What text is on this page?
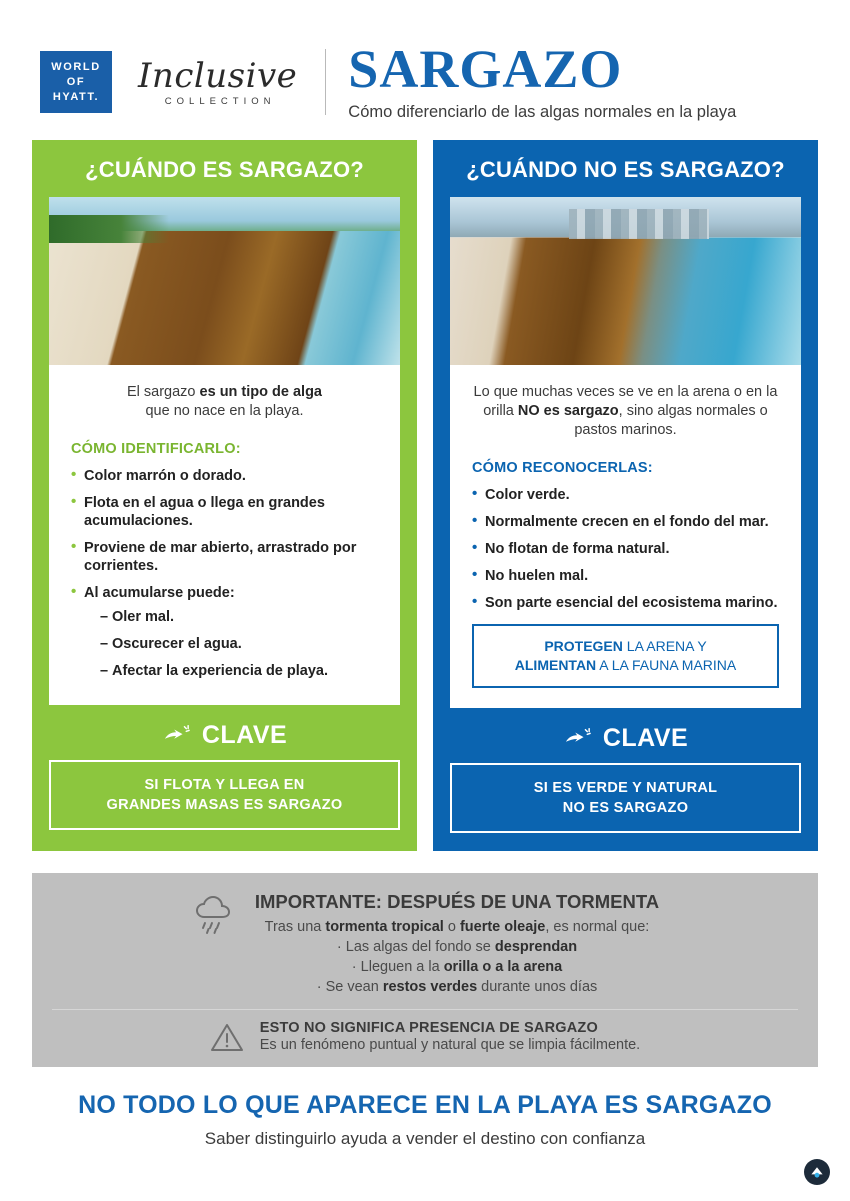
WORLD
OF
HYATT.
Inclusive
COLLECTION
SARGAZO
Cómo diferenciarlo de las algas normales en la playa
¿CUÁNDO ES SARGAZO?
El sargazo es un tipo de alga
que no nace en la playa.
CÓMO IDENTIFICARLO:
• Color marrón o dorado.
• Flota en el agua o llega en grandes acumulaciones.
• Proviene de mar abierto, arrastrado por corrientes.
• Al acumularse puede:
– Oler mal.
– Oscurecer el agua.
– Afectar la experiencia de playa.
CLAVE
SI FLOTA Y LLEGA EN
GRANDES MASAS ES SARGAZO
¿CUÁNDO NO ES SARGAZO?
Lo que muchas veces se ve en la arena o en la orilla NO es sargazo, sino algas normales o pastos marinos.
CÓMO RECONOCERLAS:
• Color verde.
• Normalmente crecen en el fondo del mar.
• No flotan de forma natural.
• No huelen mal.
• Son parte esencial del ecosistema marino.
PROTEGEN LA ARENA Y
ALIMENTAN A LA FAUNA MARINA
CLAVE
SI ES VERDE Y NATURAL
NO ES SARGAZO
IMPORTANTE: DESPUÉS DE UNA TORMENTA
Tras una tormenta tropical o fuerte oleaje, es normal que:
· Las algas del fondo se desprendan
· Lleguen a la orilla o a la arena
· Se vean restos verdes durante unos días
ESTO NO SIGNIFICA PRESENCIA DE SARGAZO
Es un fenómeno puntual y natural que se limpia fácilmente.
NO TODO LO QUE APARECE EN LA PLAYA ES SARGAZO
Saber distinguirlo ayuda a vender el destino con confianza
